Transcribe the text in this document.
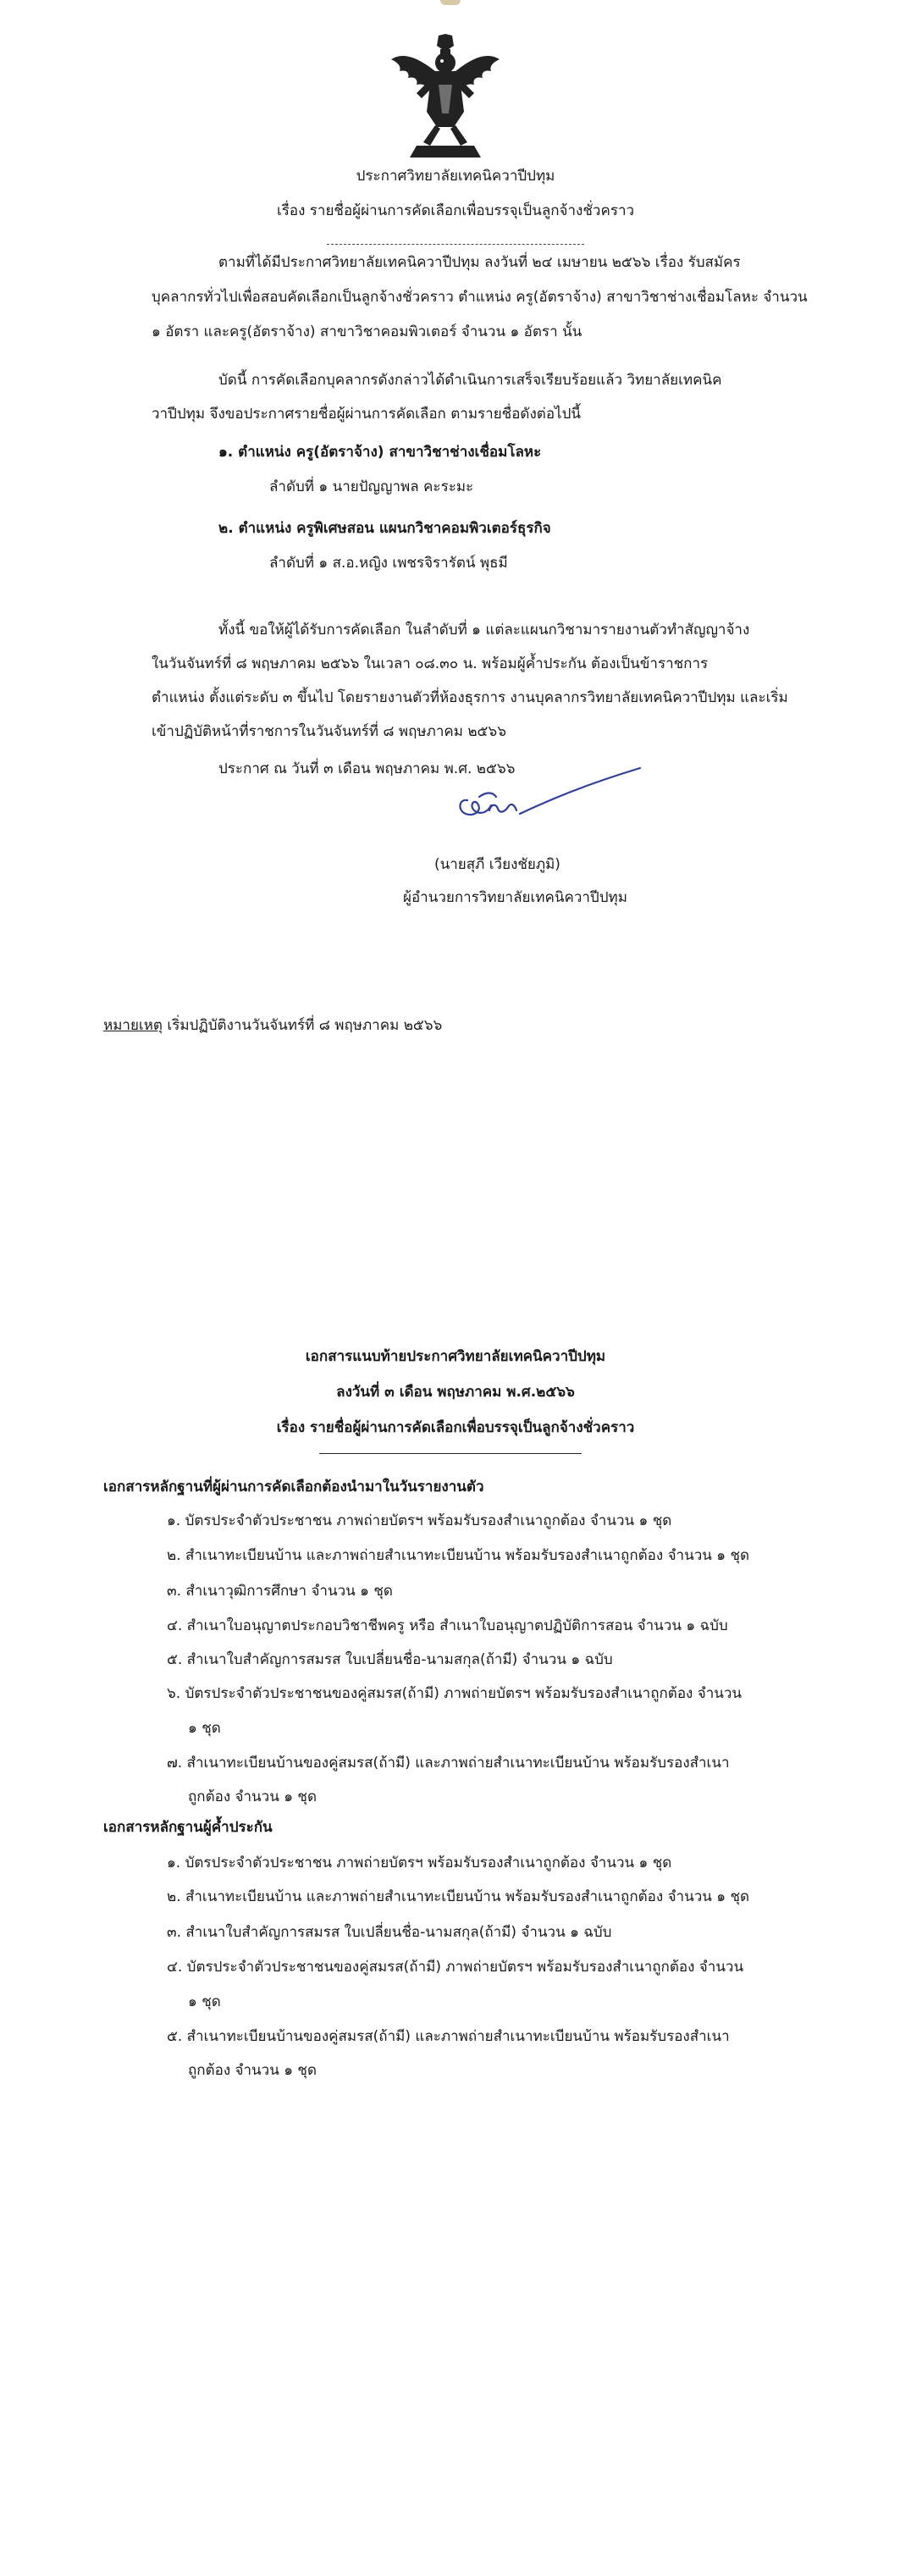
ประกาศวิทยาลัยเทคนิควาปีปทุม
เรื่อง รายชื่อผู้ผ่านการคัดเลือกเพื่อบรรจุเป็นลูกจ้างชั่วคราว
ตามที่ได้มีประกาศวิทยาลัยเทคนิควาปีปทุม ลงวันที่ ๒๔ เมษายน ๒๕๖๖ เรื่อง รับสมัคร
บุคลากรทั่วไปเพื่อสอบคัดเลือกเป็นลูกจ้างชั่วคราว ตำแหน่ง ครู(อัตราจ้าง) สาขาวิชาช่างเชื่อมโลหะ จำนวน
๑ อัตรา และครู(อัตราจ้าง) สาขาวิชาคอมพิวเตอร์ จำนวน ๑ อัตรา นั้น
บัดนี้ การคัดเลือกบุคลากรดังกล่าวได้ดำเนินการเสร็จเรียบร้อยแล้ว วิทยาลัยเทคนิค
วาปีปทุม จึงขอประกาศรายชื่อผู้ผ่านการคัดเลือก ตามรายชื่อดังต่อไปนี้
๑. ตำแหน่ง ครู(อัตราจ้าง) สาขาวิชาช่างเชื่อมโลหะ
ลำดับที่ ๑ นายปัญญาพล คะระมะ
๒. ตำแหน่ง ครูพิเศษสอน แผนกวิชาคอมพิวเตอร์ธุรกิจ
ลำดับที่ ๑ ส.อ.หญิง เพชรจิรารัตน์ พุธมี
ทั้งนี้ ขอให้ผู้ได้รับการคัดเลือก ในลำดับที่ ๑ แต่ละแผนกวิชามารายงานตัวทำสัญญาจ้าง
ในวันจันทร์ที่ ๘ พฤษภาคม ๒๕๖๖ ในเวลา ๐๘.๓๐ น. พร้อมผู้ค้ำประกัน ต้องเป็นข้าราชการ
ตำแหน่ง ตั้งแต่ระดับ ๓ ขึ้นไป โดยรายงานตัวที่ห้องธุรการ งานบุคลากรวิทยาลัยเทคนิควาปีปทุม และเริ่ม
เข้าปฏิบัติหน้าที่ราชการในวันจันทร์ที่ ๘ พฤษภาคม ๒๕๖๖
ประกาศ ณ วันที่ ๓ เดือน พฤษภาคม พ.ศ. ๒๕๖๖
(นายสุภี เวียงชัยภูมิ)
ผู้อำนวยการวิทยาลัยเทคนิควาปีปทุม
หมายเหตุ เริ่มปฏิบัติงานวันจันทร์ที่ ๘ พฤษภาคม ๒๕๖๖
เอกสารแนบท้ายประกาศวิทยาลัยเทคนิควาปีปทุม
ลงวันที่ ๓ เดือน พฤษภาคม พ.ศ.๒๕๖๖
เรื่อง รายชื่อผู้ผ่านการคัดเลือกเพื่อบรรจุเป็นลูกจ้างชั่วคราว
เอกสารหลักฐานที่ผู้ผ่านการคัดเลือกต้องนำมาในวันรายงานตัว
๑. บัตรประจำตัวประชาชน ภาพถ่ายบัตรฯ พร้อมรับรองสำเนาถูกต้อง จำนวน ๑ ชุด
๒. สำเนาทะเบียนบ้าน และภาพถ่ายสำเนาทะเบียนบ้าน พร้อมรับรองสำเนาถูกต้อง จำนวน ๑ ชุด
๓. สำเนาวุฒิการศึกษา จำนวน ๑ ชุด
๔. สำเนาใบอนุญาตประกอบวิชาชีพครู หรือ สำเนาใบอนุญาตปฏิบัติการสอน จำนวน ๑ ฉบับ
๕. สำเนาใบสำคัญการสมรส ใบเปลี่ยนชื่อ-นามสกุล(ถ้ามี) จำนวน ๑ ฉบับ
๖. บัตรประจำตัวประชาชนของคู่สมรส(ถ้ามี) ภาพถ่ายบัตรฯ พร้อมรับรองสำเนาถูกต้อง จำนวน
๑ ชุด
๗. สำเนาทะเบียนบ้านของคู่สมรส(ถ้ามี) และภาพถ่ายสำเนาทะเบียนบ้าน พร้อมรับรองสำเนา
ถูกต้อง จำนวน ๑ ชุด
เอกสารหลักฐานผู้ค้ำประกัน
๑. บัตรประจำตัวประชาชน ภาพถ่ายบัตรฯ พร้อมรับรองสำเนาถูกต้อง จำนวน ๑ ชุด
๒. สำเนาทะเบียนบ้าน และภาพถ่ายสำเนาทะเบียนบ้าน พร้อมรับรองสำเนาถูกต้อง จำนวน ๑ ชุด
๓. สำเนาใบสำคัญการสมรส ใบเปลี่ยนชื่อ-นามสกุล(ถ้ามี) จำนวน ๑ ฉบับ
๔. บัตรประจำตัวประชาชนของคู่สมรส(ถ้ามี) ภาพถ่ายบัตรฯ พร้อมรับรองสำเนาถูกต้อง จำนวน
๑ ชุด
๕. สำเนาทะเบียนบ้านของคู่สมรส(ถ้ามี) และภาพถ่ายสำเนาทะเบียนบ้าน พร้อมรับรองสำเนา
ถูกต้อง จำนวน ๑ ชุด
